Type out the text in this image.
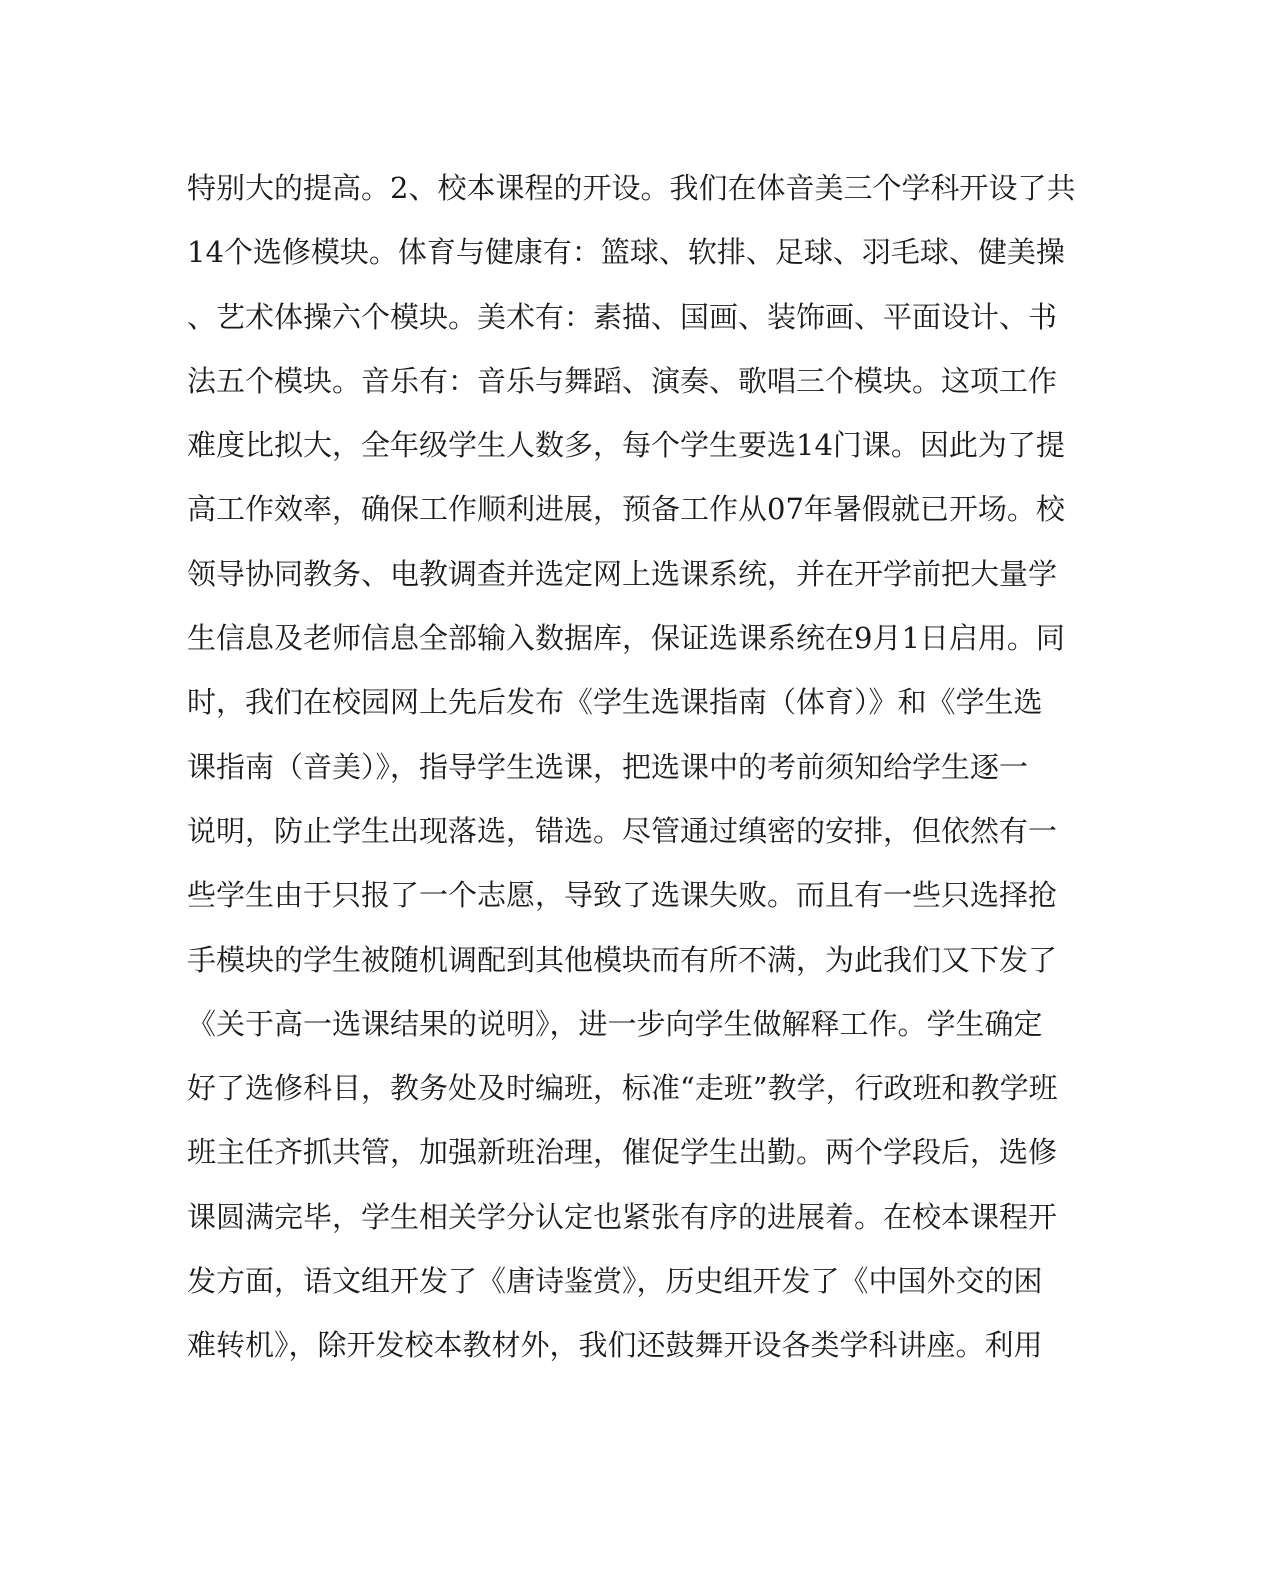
特别大的提高。2、校本课程的开设。我们在体音美三个学科开设了共
14个选修模块。体育与健康有：篮球、软排、足球、羽毛球、健美操
、艺术体操六个模块。美术有：素描、国画、装饰画、平面设计、书
法五个模块。音乐有：音乐与舞蹈、演奏、歌唱三个模块。这项工作
难度比拟大，全年级学生人数多，每个学生要选14门课。因此为了提
高工作效率，确保工作顺利进展，预备工作从07年暑假就已开场。校
领导协同教务、电教调查并选定网上选课系统，并在开学前把大量学
生信息及老师信息全部输入数据库，保证选课系统在9月1日启用。同
时，我们在校园网上先后发布《学生选课指南（体育）》和《学生选
课指南（音美）》，指导学生选课，把选课中的考前须知给学生逐一
说明，防止学生出现落选，错选。尽管通过缜密的安排，但依然有一
些学生由于只报了一个志愿，导致了选课失败。而且有一些只选择抢
手模块的学生被随机调配到其他模块而有所不满，为此我们又下发了
《关于高一选课结果的说明》，进一步向学生做解释工作。学生确定
好了选修科目，教务处及时编班，标准“走班”教学，行政班和教学班
班主任齐抓共管，加强新班治理，催促学生出勤。两个学段后，选修
课圆满完毕，学生相关学分认定也紧张有序的进展着。在校本课程开
发方面，语文组开发了《唐诗鉴赏》，历史组开发了《中国外交的困
难转机》，除开发校本教材外，我们还鼓舞开设各类学科讲座。利用
